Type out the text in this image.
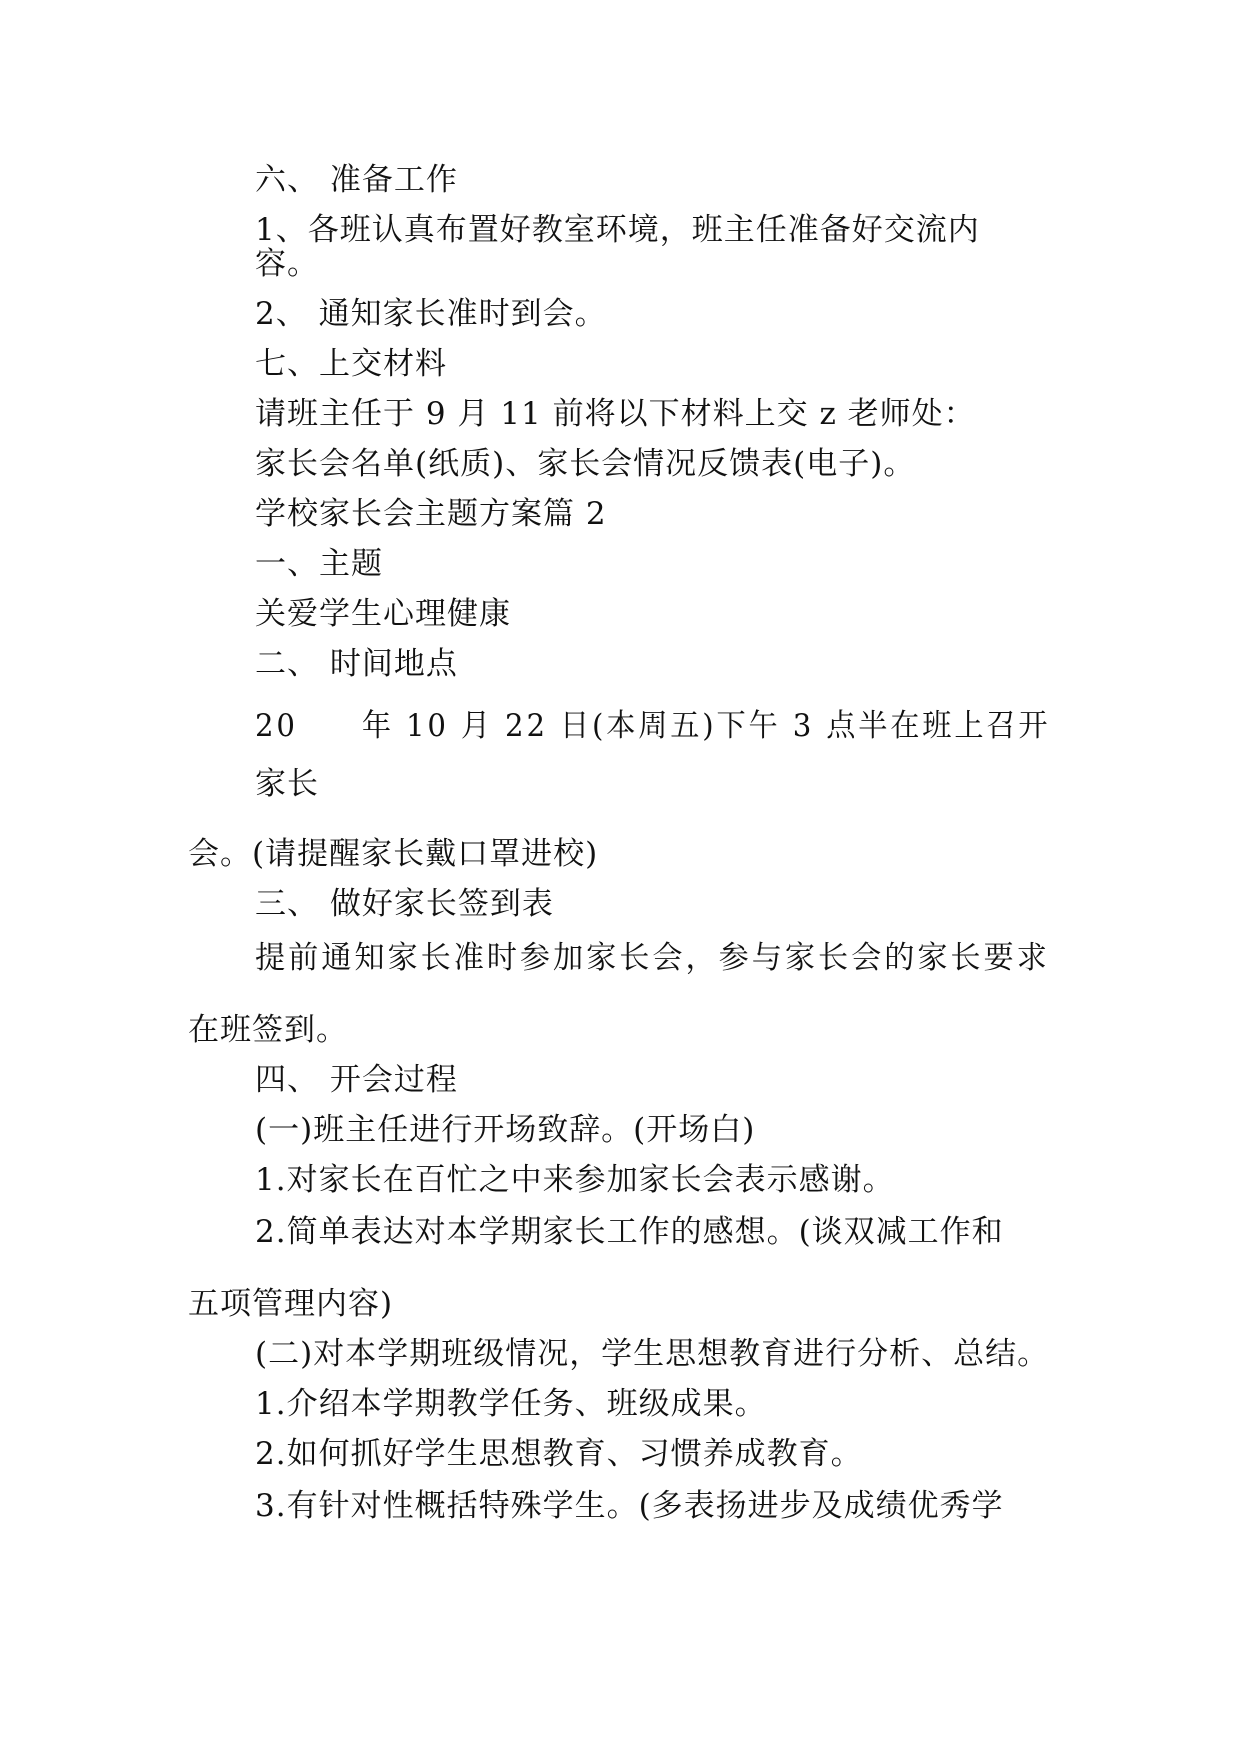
六、 准备工作
1、各班认真布置好教室环境，班主任准备好交流内
容。
2、 通知家长准时到会。
七、上交材料
请班主任于 9 月 11 前将以下材料上交 z 老师处：
家长会名单(纸质)、家长会情况反馈表(电子)。
学校家长会主题方案篇 2
一、主题
关爱学生心理健康
二、 时间地点
20　　年 10 月 22 日(本周五)下午 3 点半在班上召开
家长
会。(请提醒家长戴口罩进校)
三、 做好家长签到表
提前通知家长准时参加家长会，参与家长会的家长要求
在班签到。
四、 开会过程
(一)班主任进行开场致辞。(开场白)
1.对家长在百忙之中来参加家长会表示感谢。
2.简单表达对本学期家长工作的感想。(谈双减工作和
五项管理内容)
(二)对本学期班级情况，学生思想教育进行分析、总结。
1.介绍本学期教学任务、班级成果。
2.如何抓好学生思想教育、习惯养成教育。
3.有针对性概括特殊学生。(多表扬进步及成绩优秀学
